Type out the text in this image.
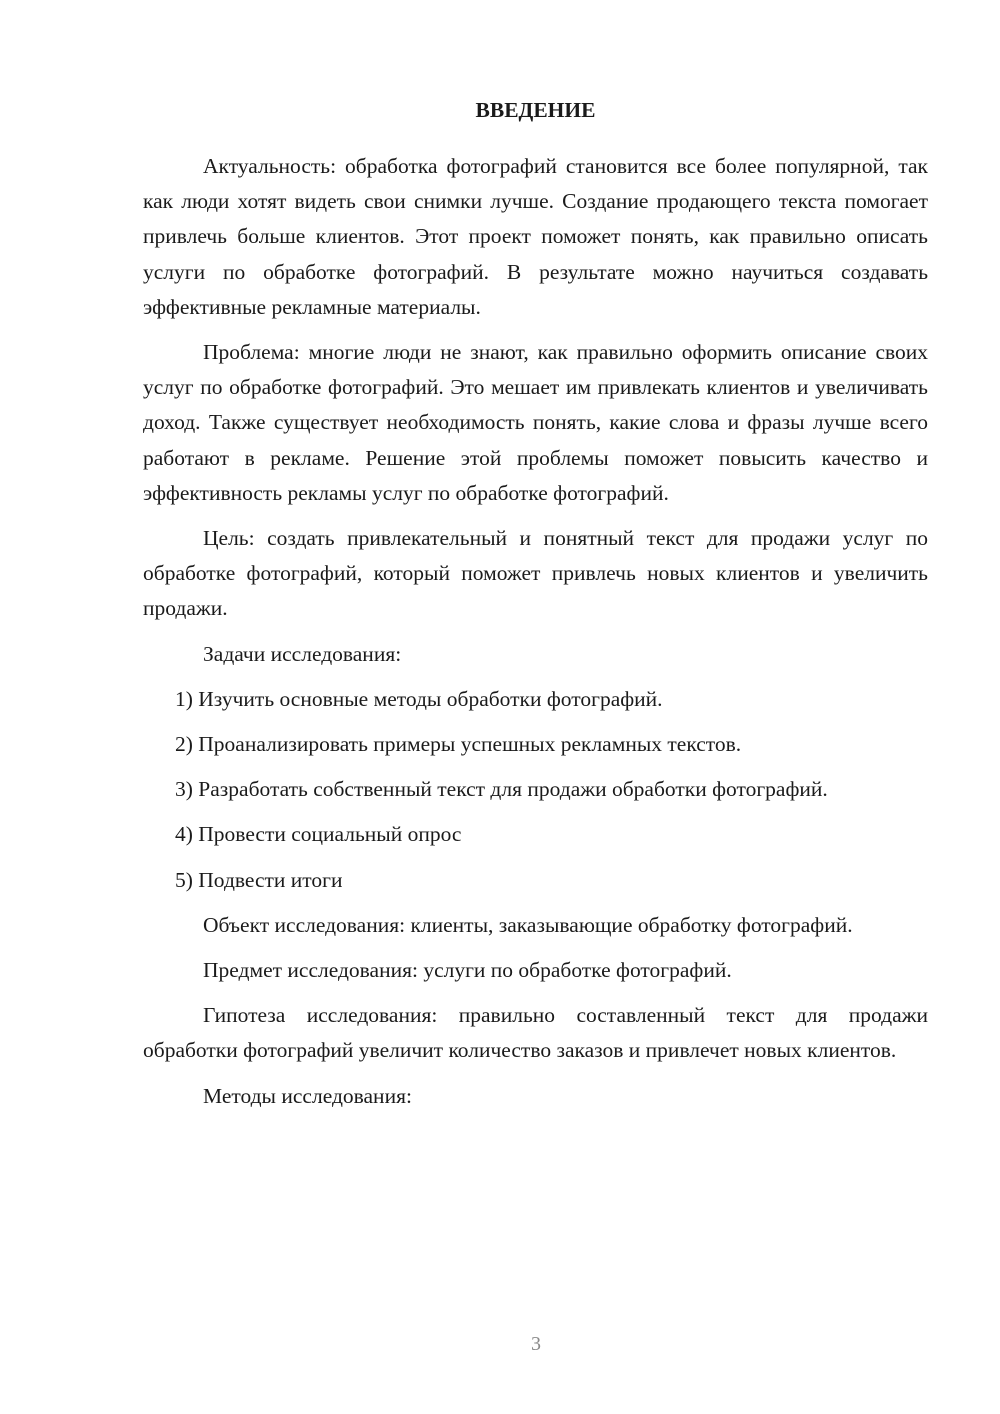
ВВЕДЕНИЕ

Актуальность: обработка фотографий становится все более популярной, так как люди хотят видеть свои снимки лучше. Создание продающего текста помогает привлечь больше клиентов. Этот проект поможет понять, как правильно описать услуги по обработке фотографий. В результате можно научиться создавать эффективные рекламные материалы.

Проблема: многие люди не знают, как правильно оформить описание своих услуг по обработке фотографий. Это мешает им привлекать клиентов и увеличивать доход. Также существует необходимость понять, какие слова и фразы лучше всего работают в рекламе. Решение этой проблемы поможет повысить качество и эффективность рекламы услуг по обработке фотографий.

Цель: создать привлекательный и понятный текст для продажи услуг по обработке фотографий, который поможет привлечь новых клиентов и увеличить продажи.

Задачи исследования:

1) Изучить основные методы обработки фотографий.

2) Проанализировать примеры успешных рекламных текстов.

3) Разработать собственный текст для продажи обработки фотографий.

4) Провести социальный опрос

5) Подвести итоги

Объект исследования: клиенты, заказывающие обработку фотографий.

Предмет исследования: услуги по обработке фотографий.

Гипотеза исследования: правильно составленный текст для продажи обработки фотографий увеличит количество заказов и привлечет новых клиентов.

Методы исследования:

3
